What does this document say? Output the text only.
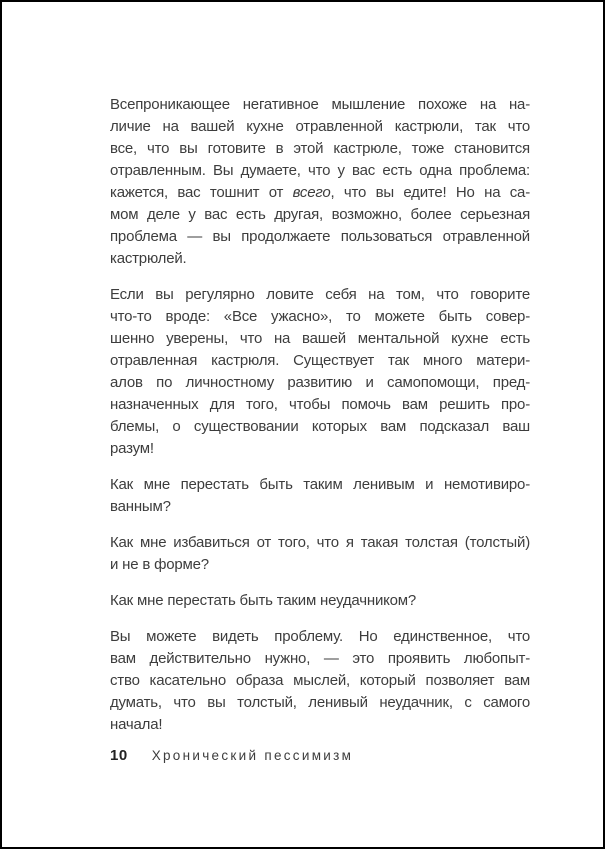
Всепроникающее негативное мышление похоже на на-
личие на вашей кухне отравленной кастрюли, так что
все, что вы готовите в этой кастрюле, тоже становится
отравленным. Вы думаете, что у вас есть одна проблема:
кажется, вас тошнит от всего, что вы едите! Но на са-
мом деле у вас есть другая, возможно, более серьезная
проблема — вы продолжаете пользоваться отравленной
кастрюлей.
Если вы регулярно ловите себя на том, что говорите
что-то вроде: «Все ужасно», то можете быть совер-
шенно уверены, что на вашей ментальной кухне есть
отравленная кастрюля. Существует так много матери-
алов по личностному развитию и самопомощи, пред-
назначенных для того, чтобы помочь вам решить про-
блемы, о существовании которых вам подсказал ваш
разум!
Как мне перестать быть таким ленивым и немотивиро-
ванным?
Как мне избавиться от того, что я такая толстая (толстый)
и не в форме?
Как мне перестать быть таким неудачником?
Вы можете видеть проблему. Но единственное, что
вам действительно нужно, — это проявить любопыт-
ство касательно образа мыслей, который позволяет вам
думать, что вы толстый, ленивый неудачник, с самого
начала!
10 Хронический пессимизм
